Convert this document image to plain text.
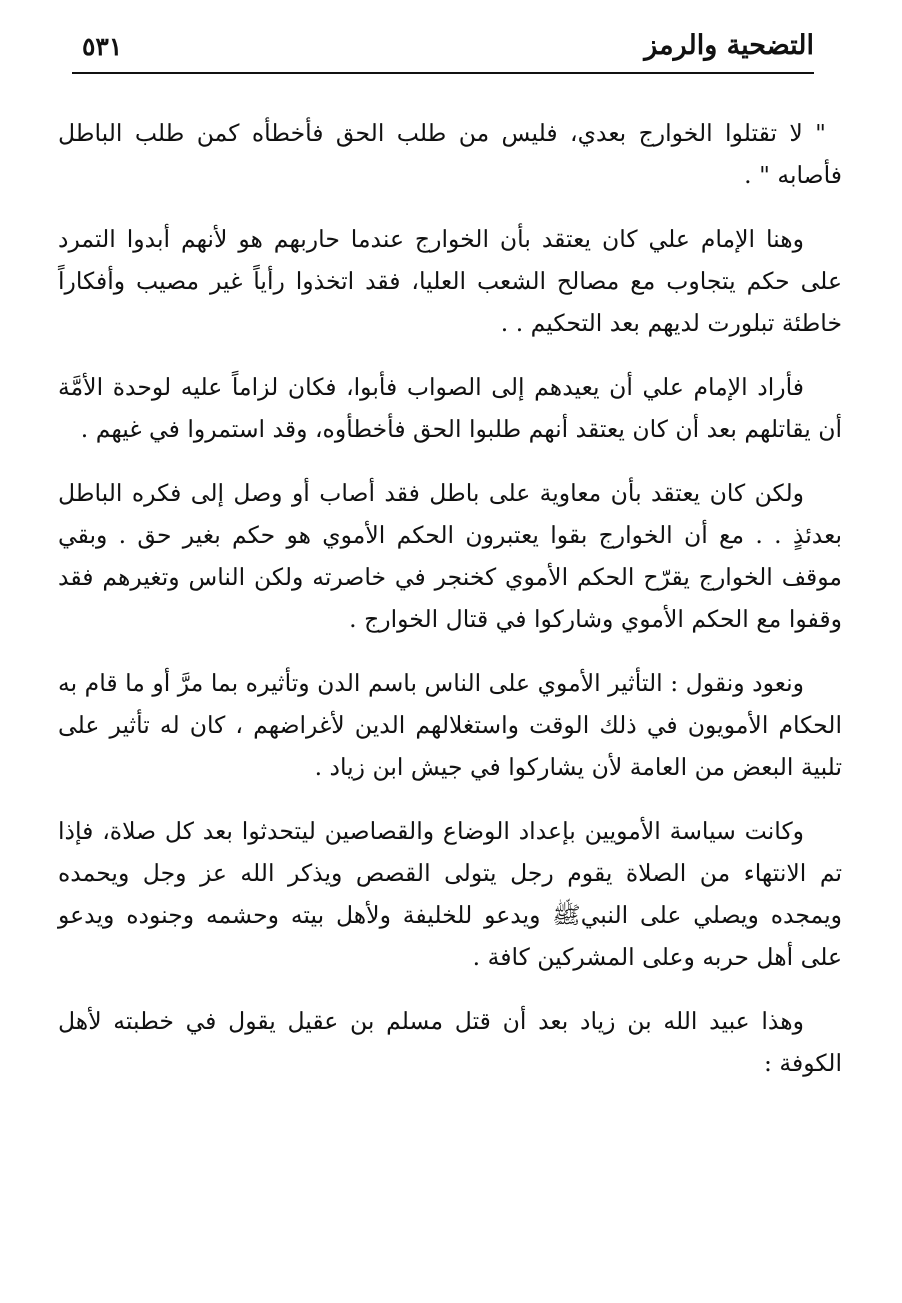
التضحية والرمز
٥٣١

" لا تقتلوا الخوارج بعدي، فليس من طلب الحق فأخطأه كمن طلب الباطل فأصابه " .

وهنا الإمام علي كان يعتقد بأن الخوارج عندما حاربهم هو لأنهم أبدوا التمرد على حكم يتجاوب مع مصالح الشعب العليا، فقد اتخذوا رأياً غير مصيب وأفكاراً خاطئة تبلورت لديهم بعد التحكيم . .

فأراد الإمام علي أن يعيدهم إلى الصواب فأبوا، فكان لزاماً عليه لوحدة الأمَّة أن يقاتلهم بعد أن كان يعتقد أنهم طلبوا الحق فأخطأوه، وقد استمروا في غيهم .

ولكن كان يعتقد بأن معاوية على باطل فقد أصاب أو وصل إلى فكره الباطل بعدئذٍ . . مع أن الخوارج بقوا يعتبرون الحكم الأموي هو حكم بغير حق . وبقي موقف الخوارج يقرّح الحكم الأموي كخنجر في خاصرته ولكن الناس وتغيرهم فقد وقفوا مع الحكم الأموي وشاركوا في قتال الخوارج .

ونعود ونقول : التأثير الأموي على الناس باسم الدن وتأثيره بما مرَّ أو ما قام به الحكام الأمويون في ذلك الوقت واستغلالهم الدين لأغراضهم ، كان له تأثير على تلبية البعض من العامة لأن يشاركوا في جيش ابن زياد .

وكانت سياسة الأمويين بإعداد الوضاع والقصاصين ليتحدثوا بعد كل صلاة، فإذا تم الانتهاء من الصلاة يقوم رجل يتولى القصص ويذكر الله عز وجل ويحمده ويمجده ويصلي على النبيﷺ ويدعو للخليفة ولأهل بيته وحشمه وجنوده ويدعو على أهل حربه وعلى المشركين كافة .

وهذا عبيد الله بن زياد بعد أن قتل مسلم بن عقيل يقول في خطبته لأهل الكوفة :
